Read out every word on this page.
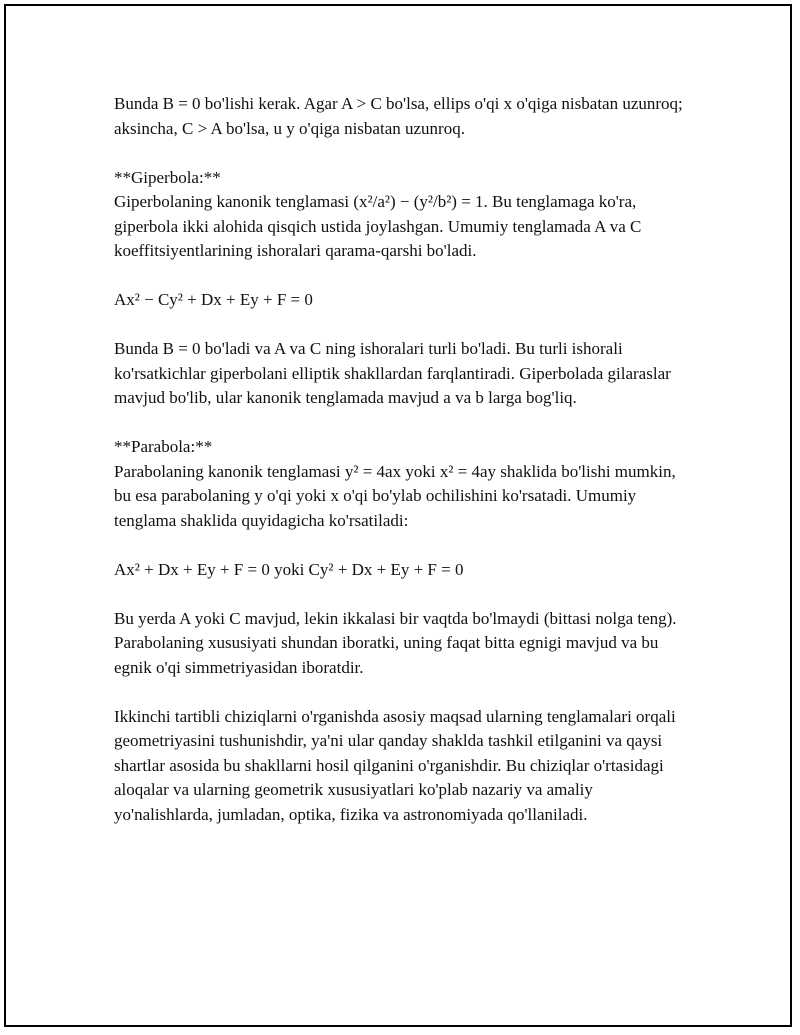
Bunda B = 0 bo'lishi kerak. Agar A > C bo'lsa, ellips o'qi x o'qiga nisbatan uzunroq; aksincha, C > A bo'lsa, u y o'qiga nisbatan uzunroq.

**Giperbola:**

Giperbolaning kanonik tenglamasi (x²/a²) − (y²/b²) = 1. Bu tenglamaga ko'ra, giperbola ikki alohida qisqich ustida joylashgan. Umumiy tenglamada A va C koeffitsiyentlarining ishoralari qarama-qarshi bo'ladi.

Ax² − Cy² + Dx + Ey + F = 0

Bunda B = 0 bo'ladi va A va C ning ishoralari turli bo'ladi. Bu turli ishorali ko'rsatkichlar giperbolani elliptik shakllardan farqlantiradi. Giperbolada gilaraslar mavjud bo'lib, ular kanonik tenglamada mavjud a va b larga bog'liq.

**Parabola:**

Parabolaning kanonik tenglamasi y² = 4ax yoki x² = 4ay shaklida bo'lishi mumkin, bu esa parabolaning y o'qi yoki x o'qi bo'ylab ochilishini ko'rsatadi. Umumiy tenglama shaklida quyidagicha ko'rsatiladi:

Ax² + Dx + Ey + F = 0 yoki Cy² + Dx + Ey + F = 0

Bu yerda A yoki C mavjud, lekin ikkalasi bir vaqtda bo'lmaydi (bittasi nolga teng). Parabolaning xususiyati shundan iboratki, uning faqat bitta egnigi mavjud va bu egnik o'qi simmetriyasidan iboratdir.

Ikkinchi tartibli chiziqlarni o'rganishda asosiy maqsad ularning tenglamalari orqali geometriyasini tushunishdir, ya'ni ular qanday shaklda tashkil etilganini va qaysi shartlar asosida bu shakllarni hosil qilganini o'rganishdir. Bu chiziqlar o'rtasidagi aloqalar va ularning geometrik xususiyatlari ko'plab nazariy va amaliy yo'nalishlarda, jumladan, optika, fizika va astronomiyada qo'llaniladi.
